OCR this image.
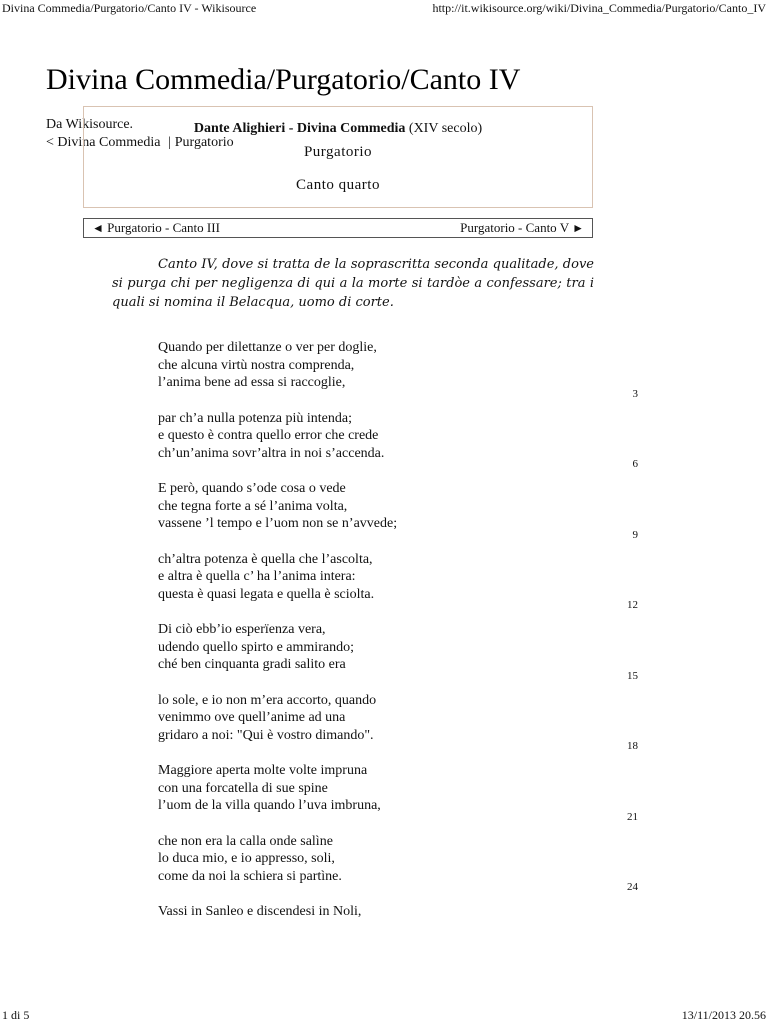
Divina Commedia/Purgatorio/Canto IV - Wikisource	http://it.wikisource.org/wiki/Divina_Commedia/Purgatorio/Canto_IV
Divina Commedia/Purgatorio/Canto IV
Da Wikisource.
< Divina Commedia | Purgatorio
Dante Alighieri - Divina Commedia (XIV secolo)
Purgatorio
Canto quarto
◄ Purgatorio - Canto III	Purgatorio - Canto V ►

Canto IV, dove si tratta de la soprascritta seconda qualitade, dove si purga chi per negligenza di qui a la morte si tardòe a confessare; tra i quali si nomina il Belacqua, uomo di corte.

Quando per dilettanze o ver per doglie,
che alcuna virtù nostra comprenda,
l’anima bene ad essa si raccoglie,
3
par ch’a nulla potenza più intenda;
e questo è contra quello error che crede
ch’un’anima sovr’altra in noi s’accenda.
6
E però, quando s’ode cosa o vede
che tegna forte a sé l’anima volta,
vassene ’l tempo e l’uom non se n’avvede;
9
ch’altra potenza è quella che l’ascolta,
e altra è quella c’ ha l’anima intera:
questa è quasi legata e quella è sciolta.
12
Di ciò ebb’io esperïenza vera,
udendo quello spirto e ammirando;
ché ben cinquanta gradi salito era
15
lo sole, e io non m’era accorto, quando
venimmo ove quell’anime ad una
gridaro a noi: "Qui è vostro dimando".
18
Maggiore aperta molte volte impruna
con una forcatella di sue spine
l’uom de la villa quando l’uva imbruna,
21
che non era la calla onde salìne
lo duca mio, e io appresso, soli,
come da noi la schiera si partìne.
24
Vassi in Sanleo e discendesi in Noli,
1 di 5	13/11/2013 20.56
